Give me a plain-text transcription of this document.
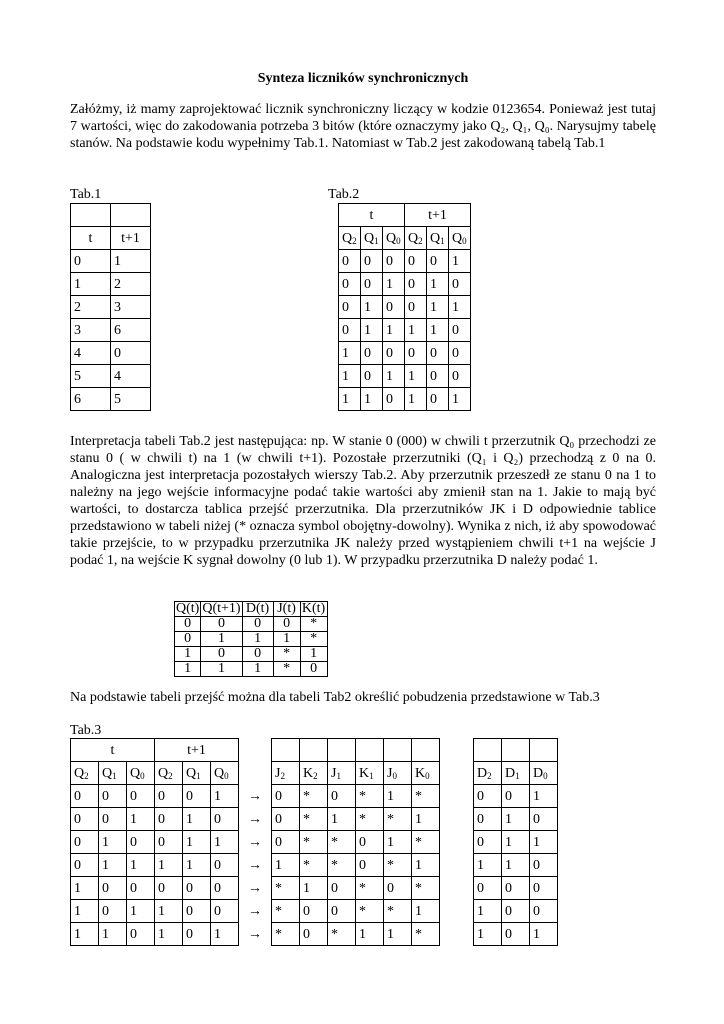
Synteza liczników synchronicznych
Załóżmy, iż mamy zaprojektować licznik synchroniczny liczący w kodzie 0123654. Ponieważ jest tutaj 7 wartości, więc do zakodowania potrzeba 3 bitów (które oznaczymy jako Q₂, Q₁, Q₀. Narysujmy tabelę stanów. Na podstawie kodu wypełnimy Tab.1. Natomiast w Tab.2 jest zakodowaną tabelą Tab.1
Tab.1	Tab.2

t	t+1
0	1
1	2
2	3
3	6
4	0
5	4
6	5
t			t+1		
$Q_2$	$Q_1$	$Q_0$	$Q_2$	$Q_1$	$Q_0$
0	0	0	0	0	1
0	0	1	0	1	0
0	1	0	0	1	1
0	1	1	1	1	0
1	0	0	0	0	0
1	0	1	1	0	0
1	1	0	1	0	1
Interpretacja tabeli Tab.2 jest następująca: np. W stanie 0 (000) w chwili t przerzutnik Q₀ przechodzi ze stanu 0 ( w chwili t) na 1 (w chwili t+1). Pozostałe przerzutniki (Q₁ i Q₂) przechodzą z 0 na 0. Analogiczna jest interpretacja pozostałych wierszy Tab.2. Aby przerzutnik przeszedł ze stanu 0 na 1 to należny na jego wejście informacyjne podać takie wartości aby zmienił stan na 1. Jakie to mają być wartości, to dostarcza tablica przejść przerzutnika. Dla przerzutników JK i D odpowiednie tablice przedstawiono w tabeli niżej (* oznacza symbol obojętny-dowolny). Wynika z nich, iż aby spowodować takie przejście, to w przypadku przerzutnika JK należy przed wystąpieniem chwili t+1 na wejście J podać 1, na wejście K sygnał dowolny (0 lub 1). W przypadku przerzutnika D należy podać 1.
Q(t)	Q(t+1)	D(t)	J(t)	K(t)
0	0	0	0	*
0	1	1	1	*
1	0	0	*	1
1	1	1	*	0
Na podstawie tabeli przejść można dla tabeli Tab2 określić pobudzenia przedstawione w Tab.3
Tab.3
t			t+1													
$Q_2$	$Q_1$	$Q_0$	$Q_2$	$Q_1$	$Q_0$		$J_2$	$K_2$	$J_1$	$K_1$	$J_0$	$K_0$		$D_2$	$D_1$	$D_0$
0	0	0	0	0	1	→	0	*	0	*	1	*		0	0	1
0	0	1	0	1	0	→	0	*	1	*	*	1		0	1	0
0	1	0	0	1	1	→	0	*	*	0	1	*		0	1	1
0	1	1	1	1	0	→	1	*	*	0	*	1		1	1	0
1	0	0	0	0	0	→	*	1	0	*	0	*		0	0	0
1	0	1	1	0	0	→	*	0	0	*	*	1		1	0	0
1	1	0	1	0	1	→	*	0	*	1	1	*		1	0	1
